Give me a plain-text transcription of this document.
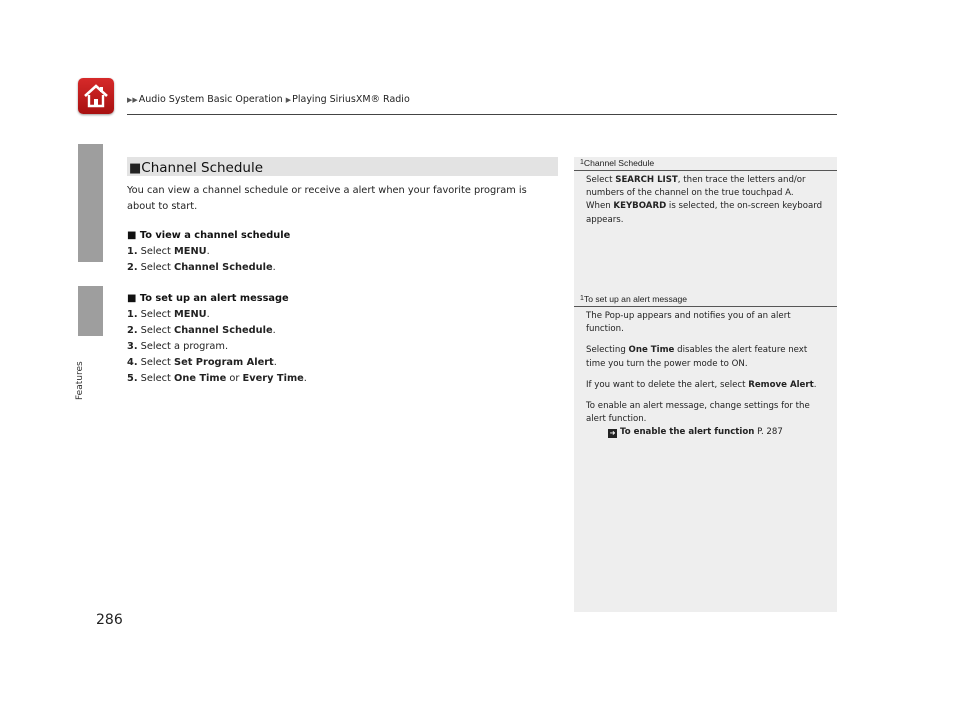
▶▶Audio System Basic Operation ▶Playing SiriusXM® Radio
Features
286
■Channel Schedule
You can view a channel schedule or receive a alert when your favorite program is about to start.
■ To view a channel schedule
1. Select MENU.
2. Select Channel Schedule.
■ To set up an alert message
1. Select MENU.
2. Select Channel Schedule.
3. Select a program.
4. Select Set Program Alert.
5. Select One Time or Every Time.
$^1$Channel Schedule

Select SEARCH LIST, then trace the letters and/or numbers of the channel on the true touchpad A.
When KEYBOARD is selected, the on-screen keyboard appears.

$^1$To set up an alert message

The Pop-up appears and notifies you of an alert function.

Selecting One Time disables the alert feature next time you turn the power mode to ON.

If you want to delete the alert, select Remove Alert.

To enable an alert message, change settings for the alert function.

➜ To enable the alert function P. 287
